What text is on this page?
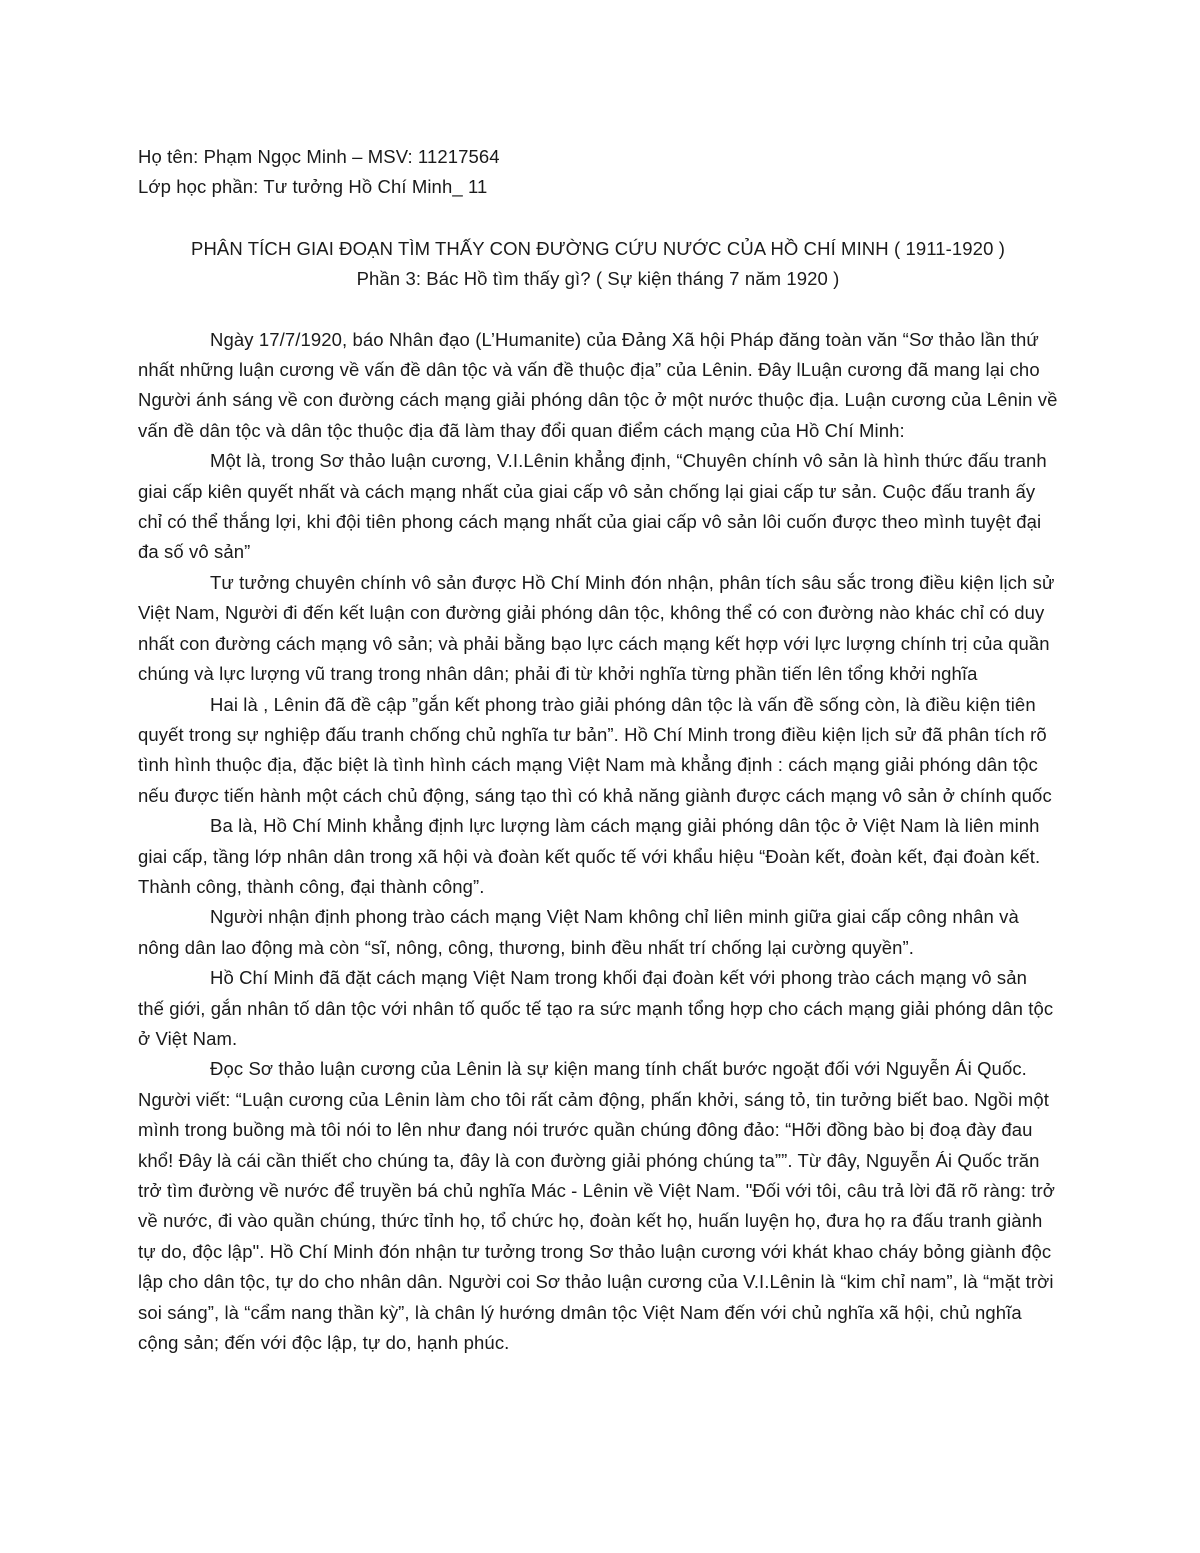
Họ tên: Phạm Ngọc Minh – MSV: 11217564

Lớp học phần: Tư tưởng Hồ Chí Minh_ 11

PHÂN TÍCH GIAI ĐOẠN TÌM THẤY CON ĐƯỜNG CỨU NƯỚC CỦA HỒ CHÍ MINH ( 1911-1920 )

Phần 3: Bác Hồ tìm thấy gì? ( Sự kiện tháng 7 năm 1920 )

Ngày 17/7/1920, báo Nhân đạo (L’Humanite) của Đảng Xã hội Pháp đăng toàn văn “Sơ thảo lần thứ nhất những luận cương về vấn đề dân tộc và vấn đề thuộc địa” của Lênin. Đây lLuận cương đã mang lại cho Người ánh sáng về con đường cách mạng giải phóng dân tộc ở một nước thuộc địa. Luận cương của Lênin về vấn đề dân tộc và dân tộc thuộc địa đã làm thay đổi quan điểm cách mạng của Hồ Chí Minh:

Một là, trong Sơ thảo luận cương, V.I.Lênin khẳng định, “Chuyên chính vô sản là hình thức đấu tranh giai cấp kiên quyết nhất và cách mạng nhất của giai cấp vô sản chống lại giai cấp tư sản. Cuộc đấu tranh ấy chỉ có thể thắng lợi, khi đội tiên phong cách mạng nhất của giai cấp vô sản lôi cuốn được theo mình tuyệt đại đa số vô sản”

Tư tưởng chuyên chính vô sản được Hồ Chí Minh đón nhận, phân tích sâu sắc trong điều kiện lịch sử Việt Nam, Người đi đến kết luận con đường giải phóng dân tộc, không thể có con đường nào khác chỉ có duy nhất con đường cách mạng vô sản; và phải bằng bạo lực cách mạng kết hợp với lực lượng chính trị của quần chúng và lực lượng vũ trang trong nhân dân; phải đi từ khởi nghĩa từng phần tiến lên tổng khởi nghĩa

Hai là , Lênin đã đề cập ”gắn kết phong trào giải phóng dân tộc là vấn đề sống còn, là điều kiện tiên quyết trong sự nghiệp đấu tranh chống chủ nghĩa tư bản”. Hồ Chí Minh trong điều kiện lịch sử đã phân tích rõ tình hình thuộc địa, đặc biệt là tình hình cách mạng Việt Nam mà khẳng định : cách mạng giải phóng dân tộc nếu được tiến hành một cách chủ động, sáng tạo thì có khả năng giành được cách mạng vô sản ở chính quốc

Ba là, Hồ Chí Minh khẳng định lực lượng làm cách mạng giải phóng dân tộc ở Việt Nam là liên minh giai cấp, tầng lớp nhân dân trong xã hội và đoàn kết quốc tế với khẩu hiệu “Đoàn kết, đoàn kết, đại đoàn kết. Thành công, thành công, đại thành công”.

Người nhận định phong trào cách mạng Việt Nam không chỉ liên minh giữa giai cấp công nhân và nông dân lao động mà còn “sĩ, nông, công, thương, binh đều nhất trí chống lại cường quyền”.

Hồ Chí Minh đã đặt cách mạng Việt Nam trong khối đại đoàn kết với phong trào cách mạng vô sản thế giới, gắn nhân tố dân tộc với nhân tố quốc tế tạo ra sức mạnh tổng hợp cho cách mạng giải phóng dân tộc ở Việt Nam.

Đọc Sơ thảo luận cương của Lênin là sự kiện mang tính chất bước ngoặt đối với Nguyễn Ái Quốc. Người viết: “Luận cương của Lênin làm cho tôi rất cảm động, phấn khởi, sáng tỏ, tin tưởng biết bao. Ngồi một mình trong buồng mà tôi nói to lên như đang nói trước quần chúng đông đảo: “Hỡi đồng bào bị đoạ đày đau khổ! Đây là cái cần thiết cho chúng ta, đây là con đường giải phóng chúng ta””. Từ đây, Nguyễn Ái Quốc trăn trở tìm đường về nước để truyền bá chủ nghĩa Mác - Lênin về Việt Nam. "Đối với tôi, câu trả lời đã rõ ràng: trở về nước, đi vào quần chúng, thức tỉnh họ, tổ chức họ, đoàn kết họ, huấn luyện họ, đưa họ ra đấu tranh giành tự do, độc lập". Hồ Chí Minh đón nhận tư tưởng trong Sơ thảo luận cương với khát khao cháy bỏng giành độc lập cho dân tộc, tự do cho nhân dân. Người coi Sơ thảo luận cương của V.I.Lênin là “kim chỉ nam”, là “mặt trời soi sáng”, là “cẩm nang thần kỳ”, là chân lý hướng dmân tộc Việt Nam đến với chủ nghĩa xã hội, chủ nghĩa cộng sản; đến với độc lập, tự do, hạnh phúc.
